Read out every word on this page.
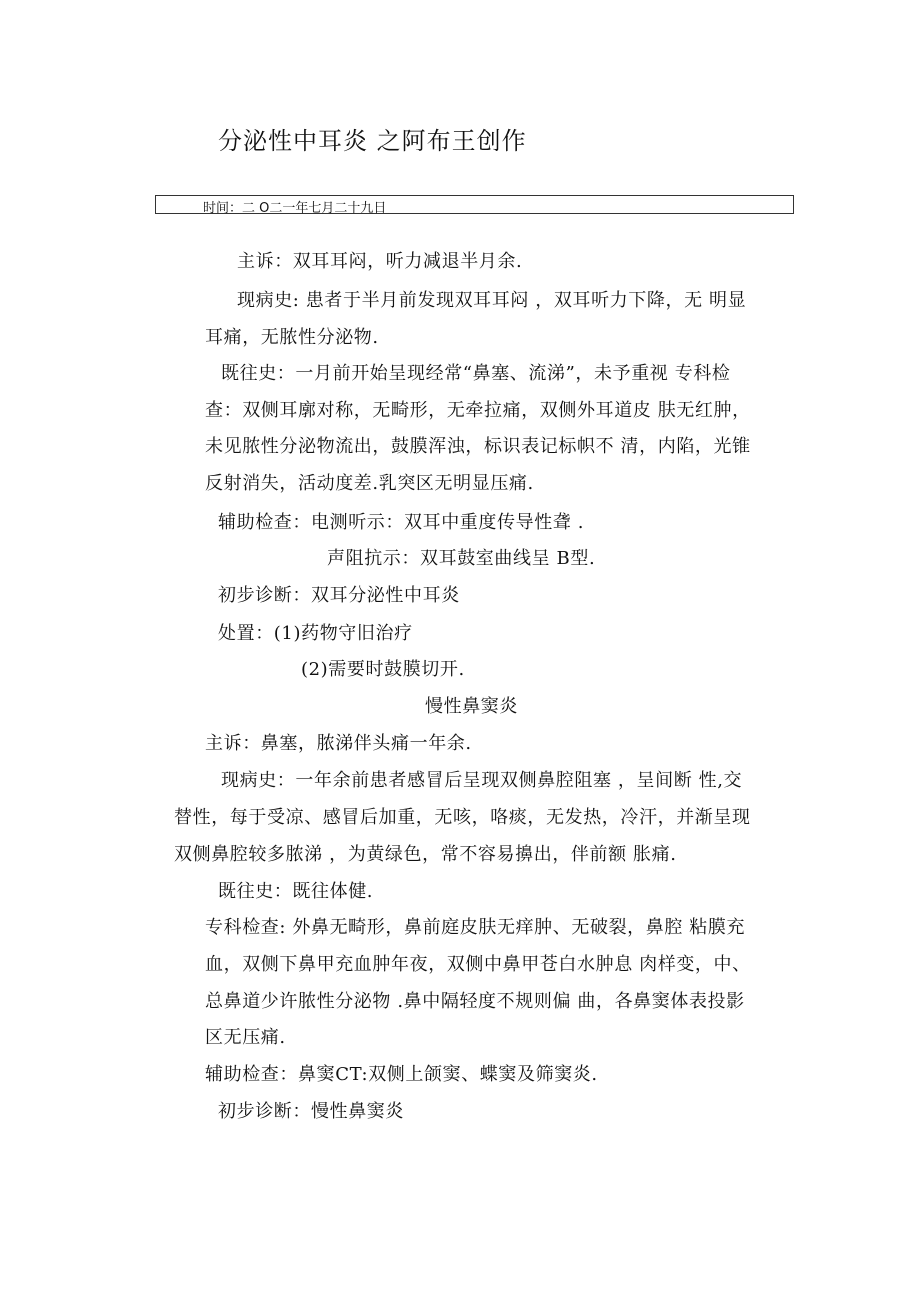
分泌性中耳炎 之阿布王创作
时间：二 O二一年七月二十九日
主诉：双耳耳闷，听力减退半月余.
现病史: 患者于半月前发现双耳耳闷 ，双耳听力下降，无 明显
耳痛，无脓性分泌物.
既往史：一月前开始呈现经常“鼻塞、流涕”，未予重视 专科检
查：双侧耳廓对称，无畸形，无牵拉痛，双侧外耳道皮 肤无红肿，
未见脓性分泌物流出，鼓膜浑浊，标识表记标帜不 清，内陷，光锥
反射消失，活动度差.乳突区无明显压痛.
辅助检查：电测听示：双耳中重度传导性聋 .
声阻抗示：双耳鼓室曲线呈 B型.
初步诊断：双耳分泌性中耳炎
处置：(1)药物守旧治疗
(2)需要时鼓膜切开.
慢性鼻窦炎
主诉：鼻塞，脓涕伴头痛一年余.
现病史：一年余前患者感冒后呈现双侧鼻腔阻塞 ，呈间断 性,交
替性，每于受凉、感冒后加重，无咳，咯痰，无发热，冷汗，并渐呈现
双侧鼻腔较多脓涕 ，为黄绿色，常不容易擤出，伴前额 胀痛.
既往史：既往体健.
专科检查: 外鼻无畸形，鼻前庭皮肤无痒肿、无破裂，鼻腔 粘膜充
血，双侧下鼻甲充血肿年夜，双侧中鼻甲苍白水肿息 肉样变，中、
总鼻道少许脓性分泌物 .鼻中隔轻度不规则偏 曲，各鼻窦体表投影
区无压痛.
辅助检查：鼻窦CT:双侧上颌窦、蝶窦及筛窦炎.
初步诊断：慢性鼻窦炎
